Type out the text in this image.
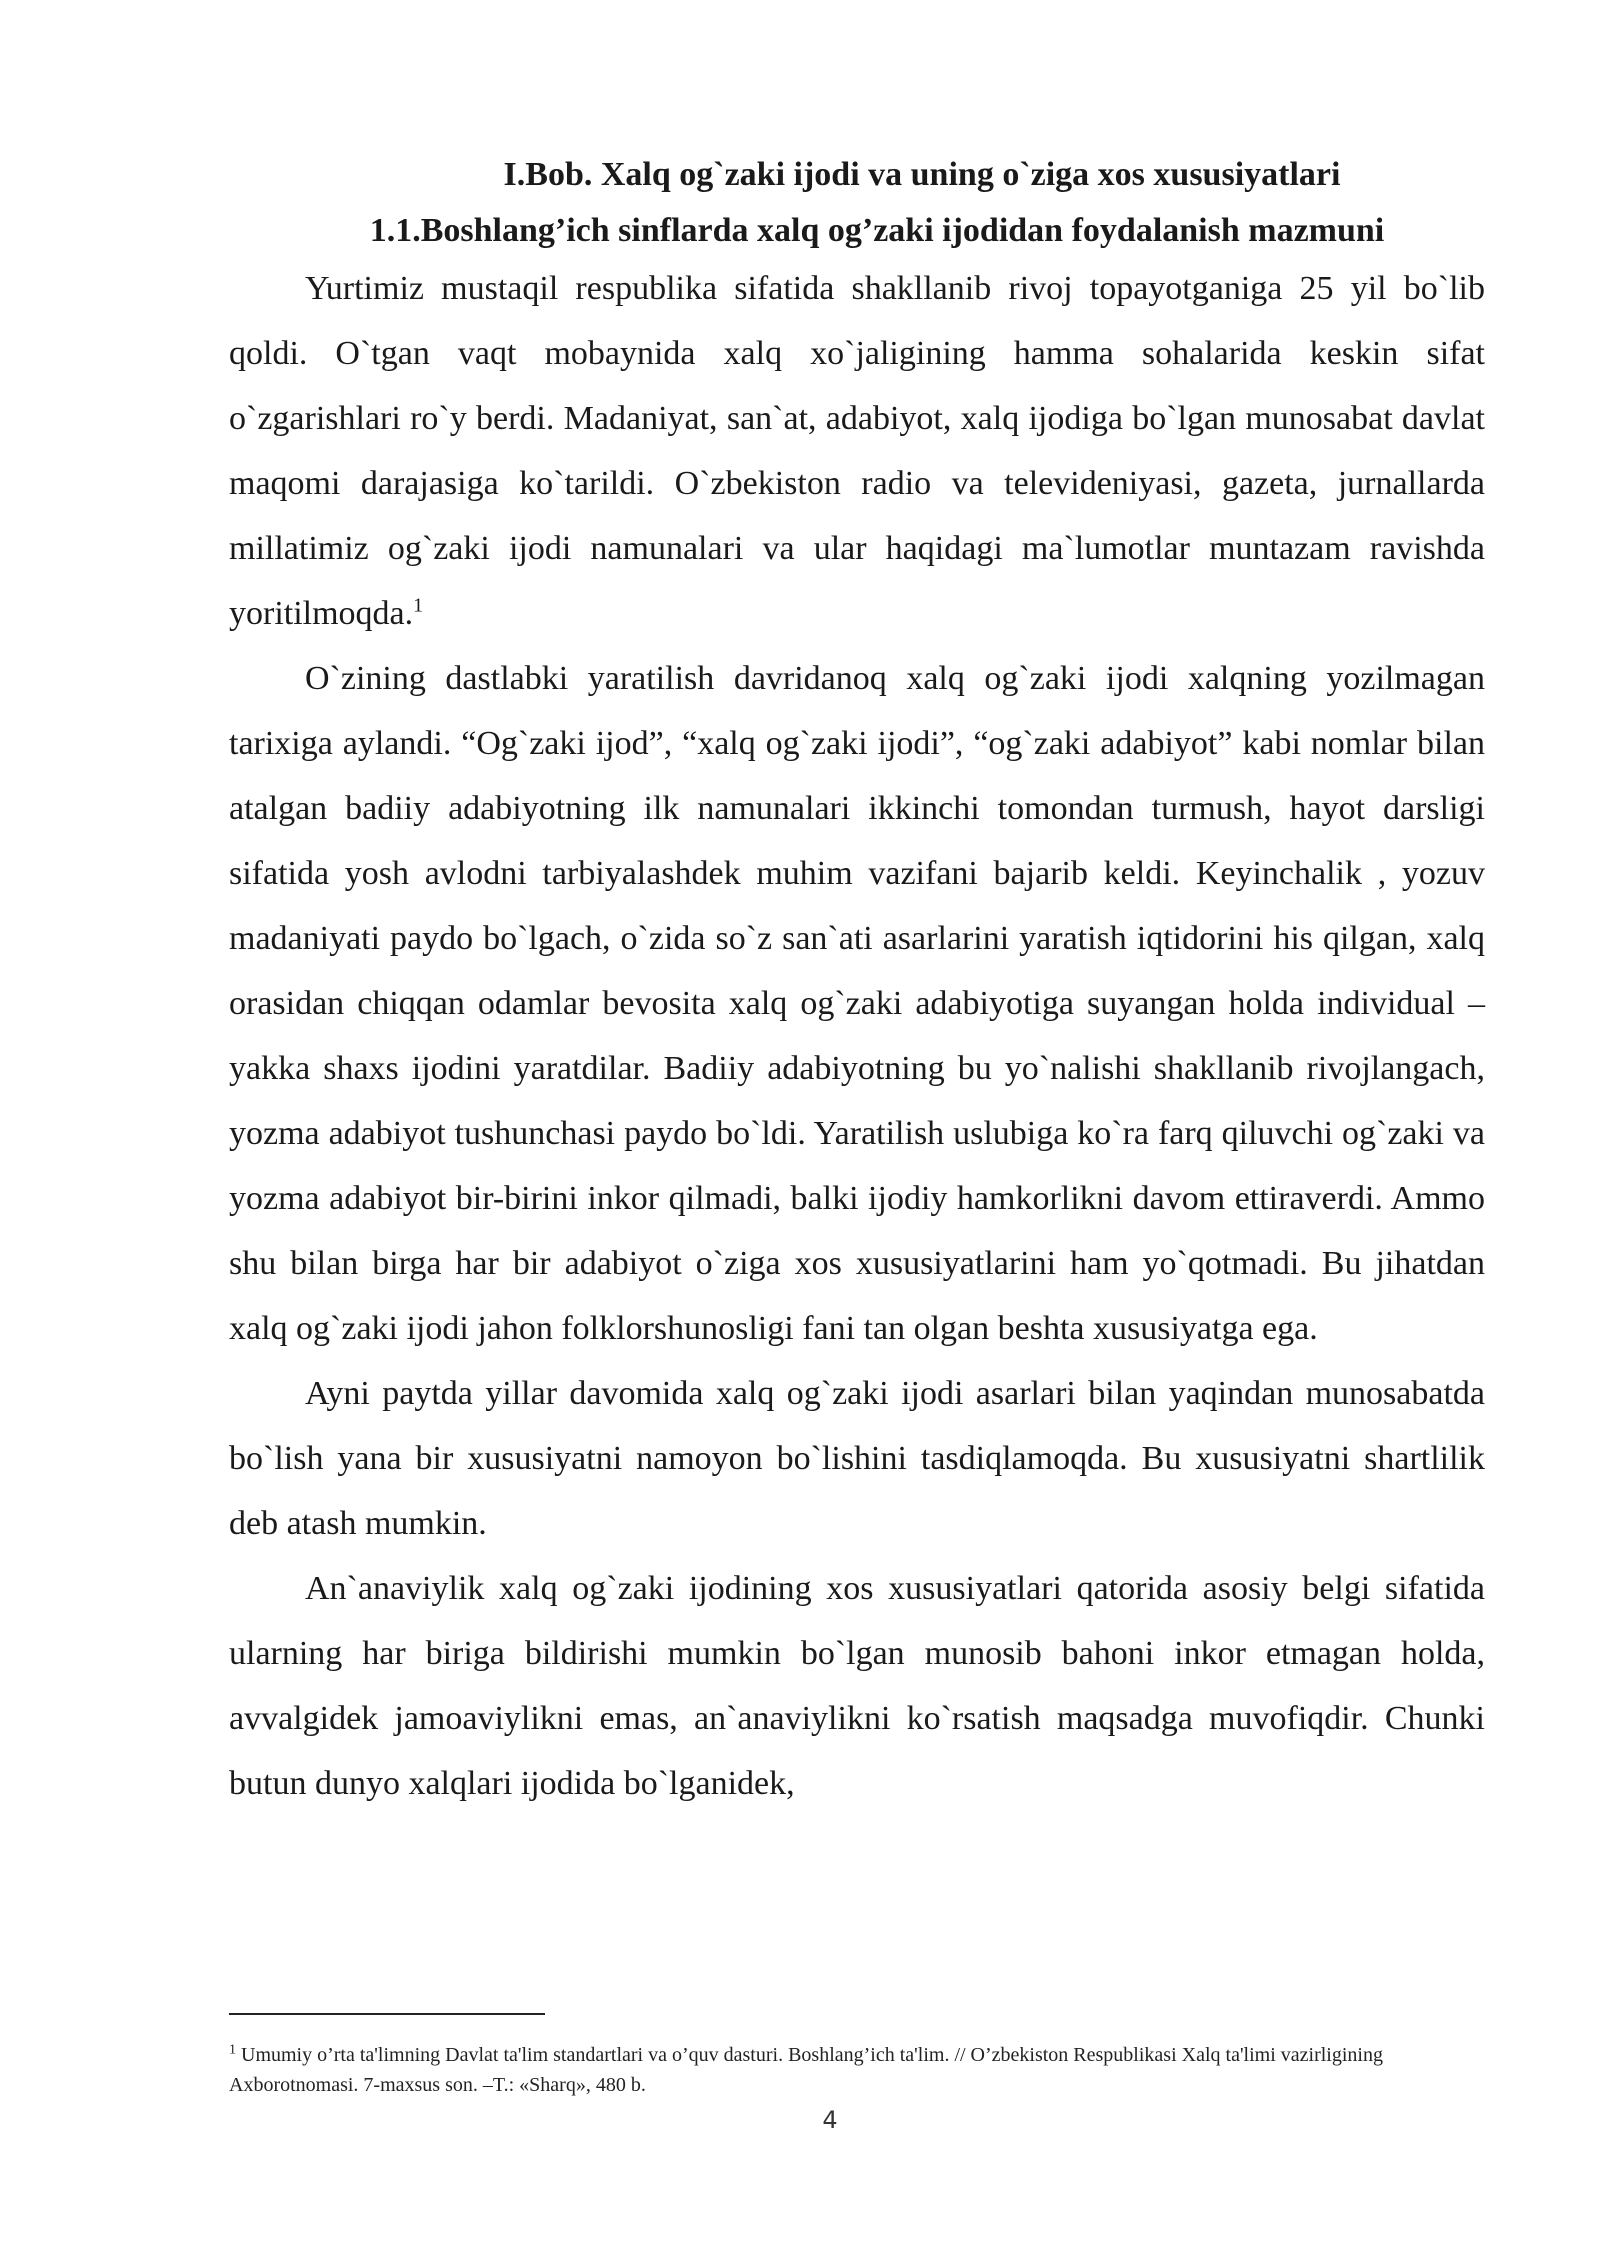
I.Bob. Xalq og`zaki ijodi va uning o`ziga xos xususiyatlari
1.1.Boshlang’ich sinflarda xalq og’zaki ijodidan foydalanish mazmuni

Yurtimiz mustaqil respublika sifatida shakllanib rivoj topayotganiga 25 yil bo`lib qoldi. O`tgan vaqt mobaynida xalq xo`jaligining hamma sohalarida keskin sifat o`zgarishlari ro`y berdi. Madaniyat, san`at, adabiyot, xalq ijodiga bo`lgan munosabat davlat maqomi darajasiga ko`tarildi. O`zbekiston radio va televideniyasi, gazeta, jurnallarda millatimiz og`zaki ijodi namunalari va ular haqidagi ma`lumotlar muntazam ravishda yoritilmoqda.$^1$

O`zining dastlabki yaratilish davridanoq xalq og`zaki ijodi xalqning yozilmagan tarixiga aylandi. “Og`zaki ijod”, “xalq og`zaki ijodi”, “og`zaki adabiyot” kabi nomlar bilan atalgan badiiy adabiyotning ilk namunalari ikkinchi tomondan turmush, hayot darsligi sifatida yosh avlodni tarbiyalashdek muhim vazifani bajarib keldi. Keyinchalik , yozuv madaniyati paydo bo`lgach, o`zida so`z san`ati asarlarini yaratish iqtidorini his qilgan, xalq orasidan chiqqan odamlar bevosita xalq og`zaki adabiyotiga suyangan holda individual – yakka shaxs ijodini yaratdilar. Badiiy adabiyotning bu yo`nalishi shakllanib rivojlangach, yozma adabiyot tushunchasi paydo bo`ldi. Yaratilish uslubiga ko`ra farq qiluvchi og`zaki va yozma adabiyot bir-birini inkor qilmadi, balki ijodiy hamkorlikni davom ettiraverdi. Ammo shu bilan birga har bir adabiyot o`ziga xos xususiyatlarini ham yo`qotmadi. Bu jihatdan xalq og`zaki ijodi jahon folklorshunosligi fani tan olgan beshta xususiyatga ega.

Ayni paytda yillar davomida xalq og`zaki ijodi asarlari bilan yaqindan munosabatda bo`lish yana bir xususiyatni namoyon bo`lishini tasdiqlamoqda. Bu xususiyatni shartlilik deb atash mumkin.

An`anaviylik xalq og`zaki ijodining xos xususiyatlari qatorida asosiy belgi sifatida ularning har biriga bildirishi mumkin bo`lgan munosib bahoni inkor etmagan holda, avvalgidek jamoaviylikni emas, an`anaviylikni ko`rsatish maqsadga muvofiqdir. Chunki butun dunyo xalqlari ijodida bo`lganidek,

$^1$ Umumiy o’rta ta'limning Davlat ta'lim standartlari va o’quv dasturi. Boshlang’ich ta'lim. // O’zbekiston Respublikasi Xalq ta'limi vazirligining Axborotnomasi. 7-maxsus son. –T.: «Sharq», 480 b.
4
